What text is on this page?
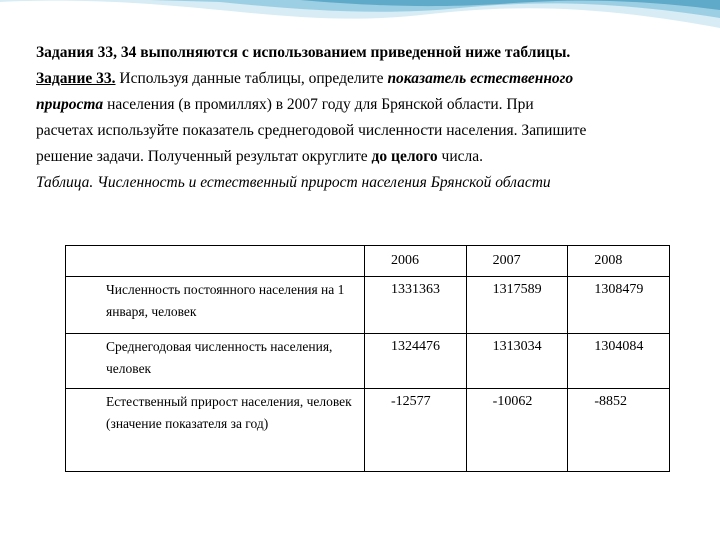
Задания 33, 34 выполняются с использованием приведенной ниже таблицы.
Задание 33. Используя данные таблицы, определите показатель естественного
прироста населения (в промиллях) в 2007 году для Брянской области. При
расчетах используйте показатель среднегодовой численности населения. Запишите
решение задачи. Полученный результат округлите до целого числа.
Таблица. Численность и естественный прирост населения Брянской области
	2006	2007	2008
Численность постоянного населения на 1 января, человек	1331363	1317589	1308479
Среднегодовая численность населения, человек	1324476	1313034	1304084
Естественный прирост населения, человек (значение показателя за год)	-12577	-10062	-8852
